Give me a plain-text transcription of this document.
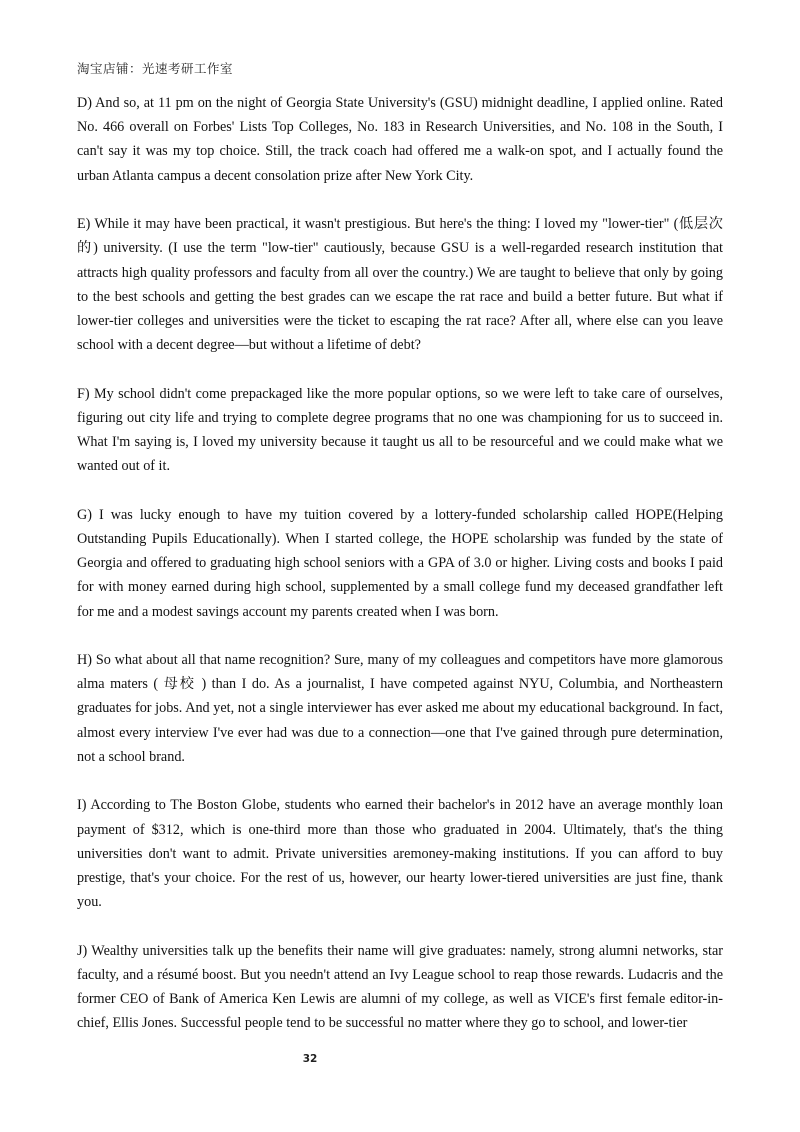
淘宝店铺：光速考研工作室

D) And so, at 11 pm on the night of Georgia State University's (GSU) midnight deadline, I applied online. Rated No. 466 overall on Forbes' Lists Top Colleges, No. 183 in Research Universities, and No. 108 in the South, I can't say it was my top choice. Still, the track coach had offered me a walk-on spot, and I actually found the urban Atlanta campus a decent consolation prize after New York City.

E) While it may have been practical, it wasn't prestigious. But here's the thing: I loved my "lower-tier" (低层次的) university. (I use the term "low-tier" cautiously, because GSU is a well-regarded research institution that attracts high quality professors and faculty from all over the country.) We are taught to believe that only by going to the best schools and getting the best grades can we escape the rat race and build a better future. But what if lower-tier colleges and universities were the ticket to escaping the rat race? After all, where else can you leave school with a decent degree—but without a lifetime of debt?

F) My school didn't come prepackaged like the more popular options, so we were left to take care of ourselves, figuring out city life and trying to complete degree programs that no one was championing for us to succeed in. What I'm saying is, I loved my university because it taught us all to be resourceful and we could make what we wanted out of it.

G) I was lucky enough to have my tuition covered by a lottery-funded scholarship called HOPE(Helping Outstanding Pupils Educationally). When I started college, the HOPE scholarship was funded by the state of Georgia and offered to graduating high school seniors with a GPA of 3.0 or higher. Living costs and books I paid for with money earned during high school, supplemented by a small college fund my deceased grandfather left for me and a modest savings account my parents created when I was born.

H) So what about all that name recognition? Sure, many of my colleagues and competitors have more glamorous alma maters ( 母校 ) than I do. As a journalist, I have competed against NYU, Columbia, and Northeastern graduates for jobs. And yet, not a single interviewer has ever asked me about my educational background. In fact, almost every interview I've ever had was due to a connection—one that I've gained through pure determination, not a school brand.

I) According to The Boston Globe, students who earned their bachelor's in 2012 have an average monthly loan payment of $312, which is one-third more than those who graduated in 2004. Ultimately, that's the thing universities don't want to admit. Private universities aremoney-making institutions. If you can afford to buy prestige, that's your choice. For the rest of us, however, our hearty lower-tiered universities are just fine, thank you.

J) Wealthy universities talk up the benefits their name will give graduates: namely, strong alumni networks, star faculty, and a résumé boost. But you needn't attend an Ivy League school to reap those rewards. Ludacris and the former CEO of Bank of America Ken Lewis are alumni of my college, as well as VICE's first female editor-in-chief, Ellis Jones. Successful people tend to be successful no matter where they go to school, and lower-tier

32
